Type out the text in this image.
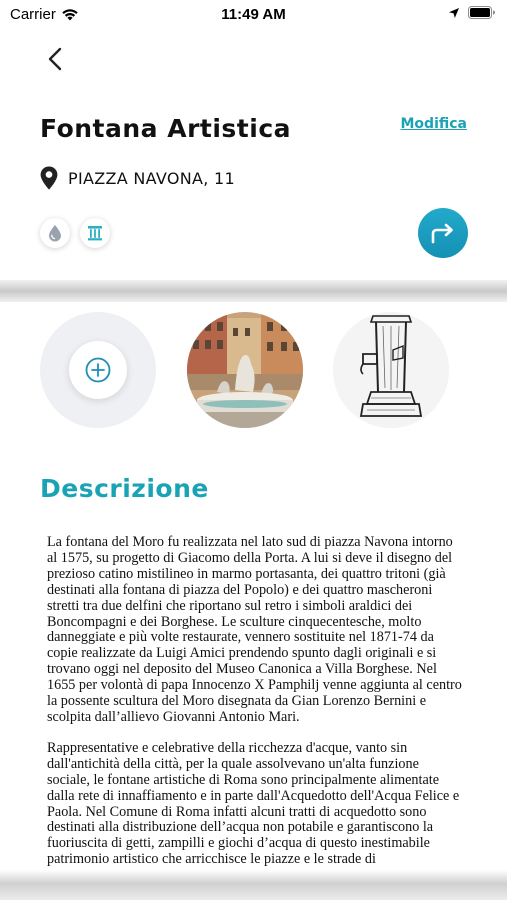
Carrier	11:49 AM
Fontana Artistica	Modifica
PIAZZA NAVONA, 11
Descrizione

La fontana del Moro fu realizzata nel lato sud di piazza Navona intorno al 1575, su progetto di Giacomo della Porta. A lui si deve il disegno del prezioso catino mistilineo in marmo portasanta, dei quattro tritoni (già destinati alla fontana di piazza del Popolo) e dei quattro mascheroni stretti tra due delfini che riportano sul retro i simboli araldici dei Boncompagni e dei Borghese. Le sculture cinquecentesche, molto danneggiate e più volte restaurate, vennero sostituite nel 1871-74 da copie realizzate da Luigi Amici prendendo spunto dagli originali e si trovano oggi nel deposito del Museo Canonica a Villa Borghese. Nel 1655 per volontà di papa Innocenzo X Pamphilj venne aggiunta al centro la possente scultura del Moro disegnata da Gian Lorenzo Bernini e scolpita dall’allievo Giovanni Antonio Mari.

Rappresentative e celebrative della ricchezza d'acque, vanto sin dall'antichità della città, per la quale assolvevano un'alta funzione sociale, le fontane artistiche di Roma sono principalmente alimentate dalla rete di innaffiamento e in parte dall'Acquedotto dell'Acqua Felice e Paola. Nel Comune di Roma infatti alcuni tratti di acquedotto sono destinati alla distribuzione dell’acqua non potabile e garantiscono la fuoriuscita di getti, zampilli e giochi d’acqua di questo inestimabile patrimonio artistico che arricchisce le piazze e le strade di
